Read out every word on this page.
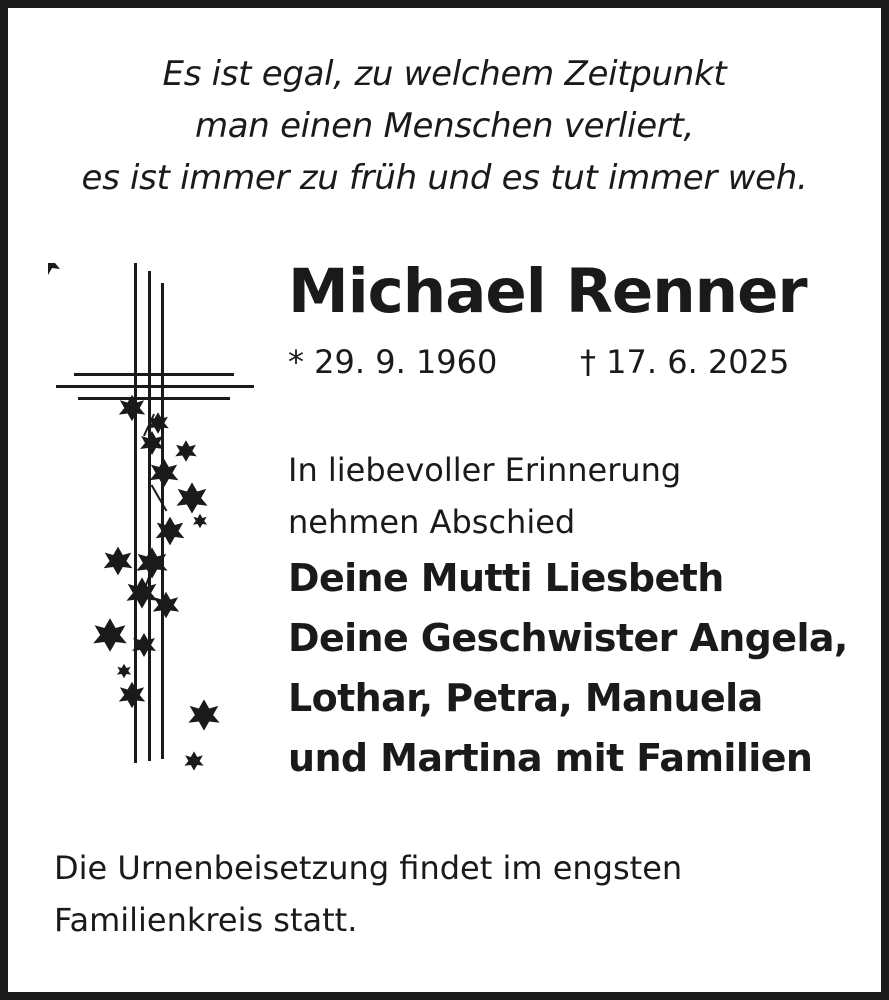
Es ist egal, zu welchem Zeitpunkt
man einen Menschen verliert,
es ist immer zu früh und es tut immer weh.
Michael Renner
* 29. 9. 1960	† 17. 6. 2025
In liebevoller Erinnerung
nehmen Abschied
Deine Mutti Liesbeth
Deine Geschwister Angela,
Lothar, Petra, Manuela
und Martina mit Familien
Die Urnenbeisetzung findet im engsten
Familienkreis statt.
